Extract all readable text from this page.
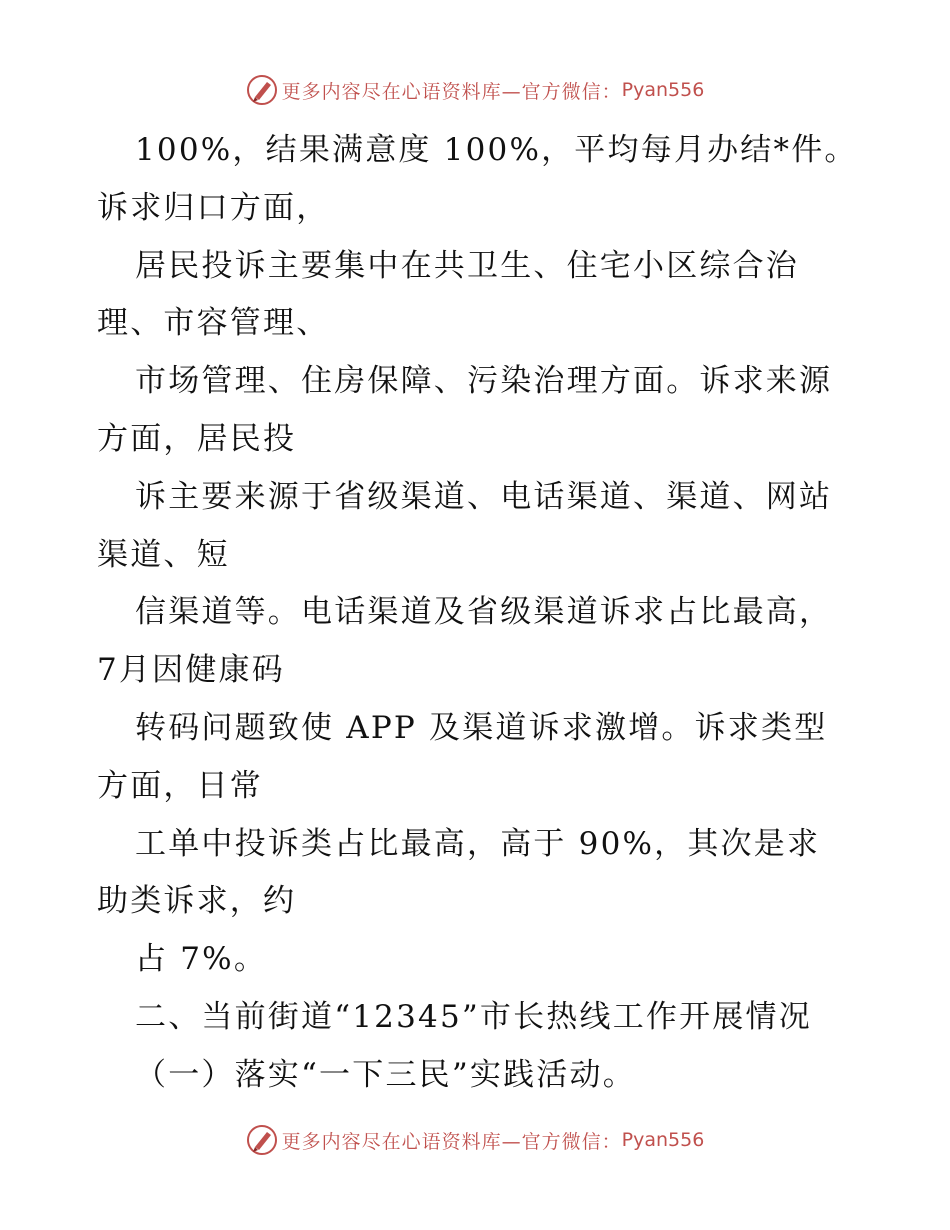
更多内容尽在心语资料库—官方微信： Pyan556
100%，结果满意度 100%，平均每月办结*件。
诉求归口方面，
居民投诉主要集中在共卫生、住宅小区综合治
理、市容管理、
市场管理、住房保障、污染治理方面。诉求来源
方面，居民投
诉主要来源于省级渠道、电话渠道、渠道、网站
渠道、短
信渠道等。电话渠道及省级渠道诉求占比最高，
7月因健康码
转码问题致使 APP 及渠道诉求激增。诉求类型
方面，日常
工单中投诉类占比最高，高于 90%，其次是求
助类诉求，约
占 7%。
二、当前街道“12345”市长热线工作开展情况
（一）落实“一下三民”实践活动。
更多内容尽在心语资料库—官方微信： Pyan556
